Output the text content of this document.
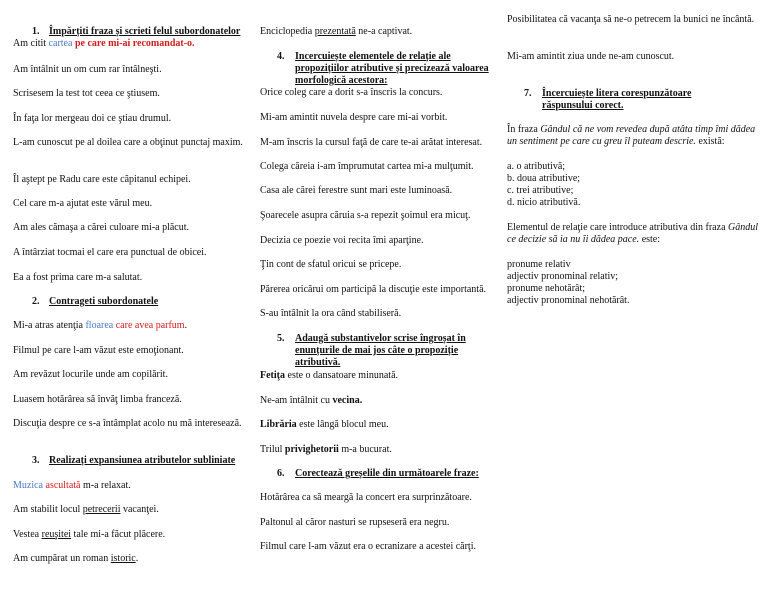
1. Împărțiti fraza și scrieti felul subordonatelor
Am citit cartea pe care mi-ai recomandat-o.
Am întâlnit un om cum rar întâlneşti.
Scrisesem la test tot ceea ce ştiusem.
În faţa lor mergeau doi ce ştiau drumul.
L-am cunoscut pe al doilea care a obţinut punctaj maxim.
Îl aştept pe Radu care este căpitanul echipei.
Cel care m-a ajutat este vărul meu.
Am ales cămaşa a cărei culoare mi-a plăcut.
A întârziat tocmai el care era punctual de obicei.
Ea a fost prima care m-a salutat.
2. Contrageti subordonatele
Mi-a atras atenţia floarea care avea parfum.
Filmul pe care l-am văzut este emoţionant.
Am revăzut locurile unde am copilărit.
Luasem hotărârea să învăţ limba franceză.
Discuţia despre ce s-a întâmplat acolo nu mă interesează.
3. Realizați expansiunea atributelor subliniate
Muzica ascultată m-a relaxat.
Am stabilit locul petrecerii vacanţei.
Vestea reuşitei tale mi-a făcut plăcere.
Am cumpărat un roman istoric.
Enciclopedia prezentată ne-a captivat.
4.	Incercuiește elementele de relație ale propozițiilor atributive și precizează valoarea morfologică acestora:
Orice coleg care a dorit s-a înscris la concurs.
Mi-am amintit nuvela despre care mi-ai vorbit.
M-am înscris la cursul faţă de care te-ai arătat interesat.
Colega căreia i-am împrumutat cartea mi-a mulţumit.
Casa ale cărei ferestre sunt mari este luminoasă.
Şoarecele asupra căruia s-a repezit şoimul era micuţ.
Decizia ce poezie voi recita îmi aparţine.
Ţin cont de sfatul oricui se pricepe.
Părerea oricărui om participă la discuţie este importantă.
S-au întâlnit la ora când stabiliseră.
5.	Adaugă substantivelor scrise îngroșat în enunțurile de mai jos câte o propoziție atributivă.
Fetiţa este o dansatoare minunată.
Ne-am întâlnit cu vecina.
Librăria este lângă blocul meu.
Trilul privighetorii m-a bucurat.
6. Corectează greșelile din următoarele fraze:
Hotărârea ca să meargă la concert era surprinzătoare.
Paltonul al căror nasturi se rupseseră era negru.
Filmul care l-am văzut era o ecranizare a acestei cărţi.
Posibilitatea că vacanţa să ne-o petrecem la bunici ne încântă.
Mi-am amintit ziua unde ne-am cunoscut.
7.	Încercuiește litera corespunzătoare răspunsului corect.
În fraza Gândul că ne vom revedea după atâta timp îmi dădea un sentiment pe care cu greu îl puteam descrie. există:
a. o atributivă;
b. doua atributive;
c. trei atributive;
d. nicio atributivă.
Elementul de relaţie care introduce atributiva din fraza Gândul ce decizie să ia nu îi dădea pace. este:
pronume relativ
adjectiv pronominal relativ;
pronume nehotărât;
adjectiv pronominal nehotărât.
